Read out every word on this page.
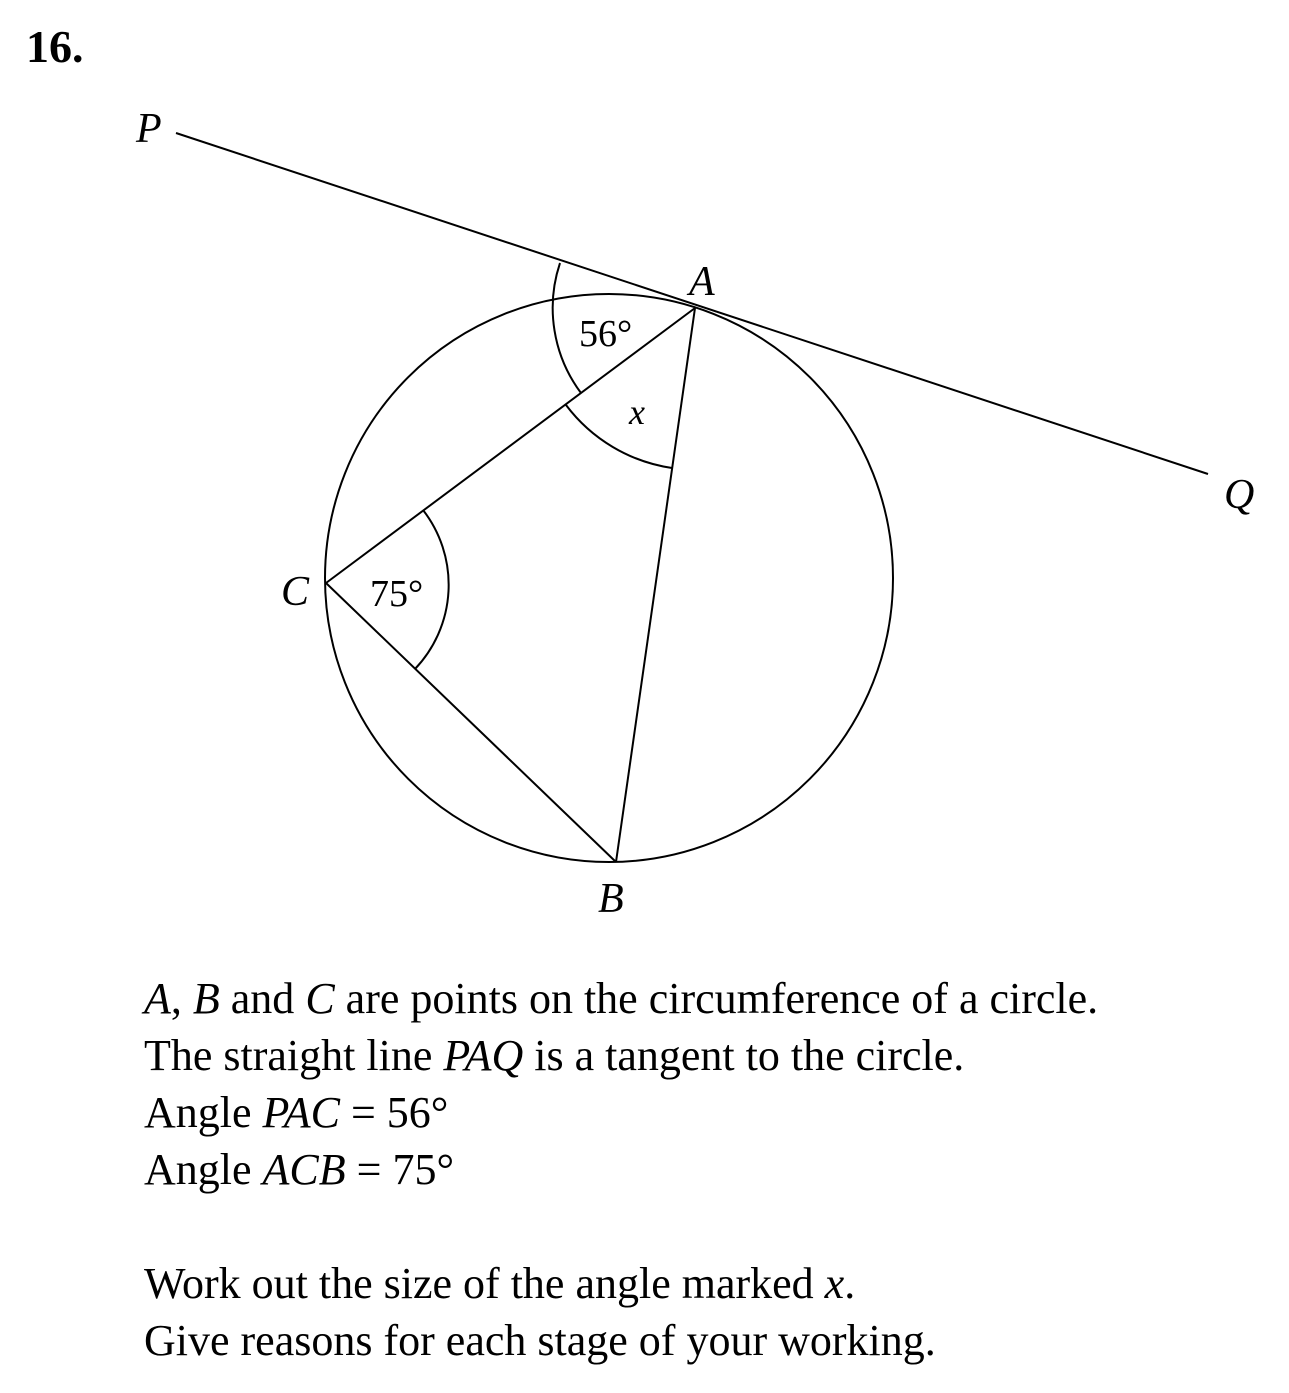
16.
P
A
Q
C
B
56°
75°
x
A, B and C are points on the circumference of a circle.
The straight line PAQ is a tangent to the circle.
Angle PAC = 56°
Angle ACB = 75°
Work out the size of the angle marked x.
Give reasons for each stage of your working.
